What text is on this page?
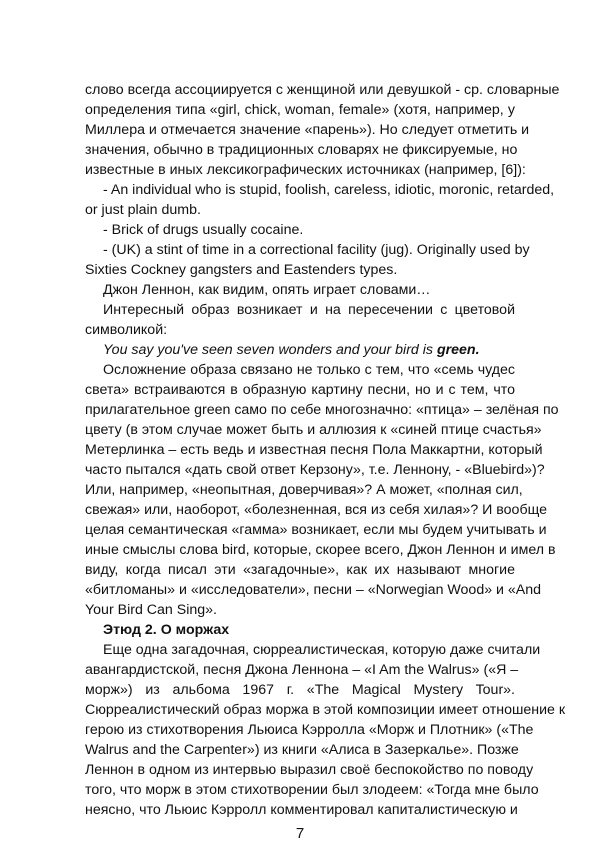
слово всегда ассоциируется с женщиной или девушкой - ср. словарные
определения типа «girl, chick, woman, female» (хотя, например, у
Миллера и отмечается значение «парень»). Но следует отметить и
значения, обычно в традиционных словарях не фиксируемые, но
известные в иных лексикографических источниках (например, [6]):
- An individual who is stupid, foolish, careless, idiotic, moronic, retarded,
or just plain dumb.
- Brick of drugs usually cocaine.
- (UK) a stint of time in a correctional facility (jug). Originally used by
Sixties Cockney gangsters and Eastenders types.
Джон Леннон, как видим, опять играет словами…
Интересный образ возникает и на пересечении с цветовой
символикой:
You say you've seen seven wonders and your bird is green.
Осложнение образа связано не только с тем, что «семь чудес
света» встраиваются в образную картину песни, но и с тем, что
прилагательное green само по себе многозначно: «птица» – зелёная по
цвету (в этом случае может быть и аллюзия к «синей птице счастья»
Метерлинка – есть ведь и известная песня Пола Маккартни, который
часто пытался «дать свой ответ Керзону», т.е. Леннону, - «Bluebird»)?
Или, например, «неопытная, доверчивая»? А может, «полная сил,
свежая» или, наоборот, «болезненная, вся из себя хилая»? И вообще
целая семантическая «гамма» возникает, если мы будем учитывать и
иные смыслы слова bird, которые, скорее всего, Джон Леннон и имел в
виду, когда писал эти «загадочные», как их называют многие
«битломаны» и «исследователи», песни – «Norwegian Wood» и «And
Your Bird Can Sing».
Этюд 2. О моржах
Еще одна загадочная, сюрреалистическая, которую даже считали
авангардистской, песня Джона Леннона – «I Am the Walrus» («Я –
морж») из альбома 1967 г. «The Magical Mystery Tour».
Сюрреалистический образ моржа в этой композиции имеет отношение к
герою из стихотворения Льюиса Кэрролла «Морж и Плотник» («The
Walrus and the Carpenter») из книги «Алиса в Зазеркалье». Позже
Леннон в одном из интервью выразил своё беспокойство по поводу
того, что морж в этом стихотворении был злодеем: «Тогда мне было
неясно, что Льюис Кэрролл комментировал капиталистическую и
7
